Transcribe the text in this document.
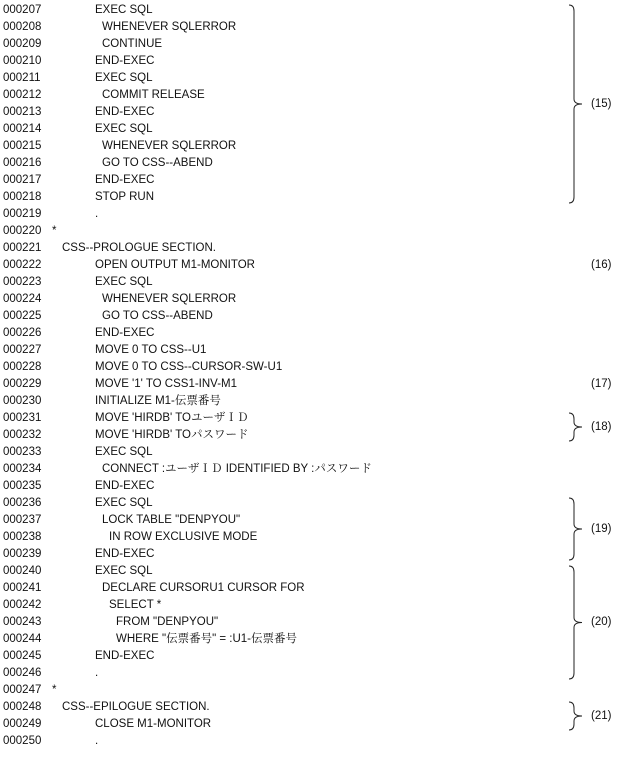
000207	EXEC SQL
000208	WHENEVER SQLERROR
000209	CONTINUE
000210	END-EXEC
000211	EXEC SQL
000212	COMMIT RELEASE
000213	END-EXEC
000214	EXEC SQL
000215	WHENEVER SQLERROR
000216	GO TO CSS--ABEND
000217	END-EXEC
000218	STOP RUN
000219	.
000220 *
000221 CSS--PROLOGUE SECTION.
000222	OPEN OUTPUT M1-MONITOR
000223	EXEC SQL
000224	WHENEVER SQLERROR
000225	GO TO CSS--ABEND
000226	END-EXEC
000227	MOVE 0 TO CSS--U1
000228	MOVE 0 TO CSS--CURSOR-SW-U1
000229	MOVE '1' TO CSS1-INV-M1
000230	INITIALIZE M1-伝票番号
000231	MOVE 'HIRDB' TOユーザＩＤ
000232	MOVE 'HIRDB' TOパスワード
000233	EXEC SQL
000234	CONNECT :ユーザＩＤ IDENTIFIED BY :パスワード
000235	END-EXEC
000236	EXEC SQL
000237	LOCK TABLE "DENPYOU"
000238	IN ROW EXCLUSIVE MODE
000239	END-EXEC
000240	EXEC SQL
000241	DECLARE CURSORU1 CURSOR FOR
000242	SELECT *
000243	FROM "DENPYOU"
000244	WHERE "伝票番号" = :U1-伝票番号
000245	END-EXEC
000246	.
000247 *
000248 CSS--EPILOGUE SECTION.
000249	CLOSE M1-MONITOR
000250	.
(15)
(16)
(17)
(18)
(19)
(20)
(21)
